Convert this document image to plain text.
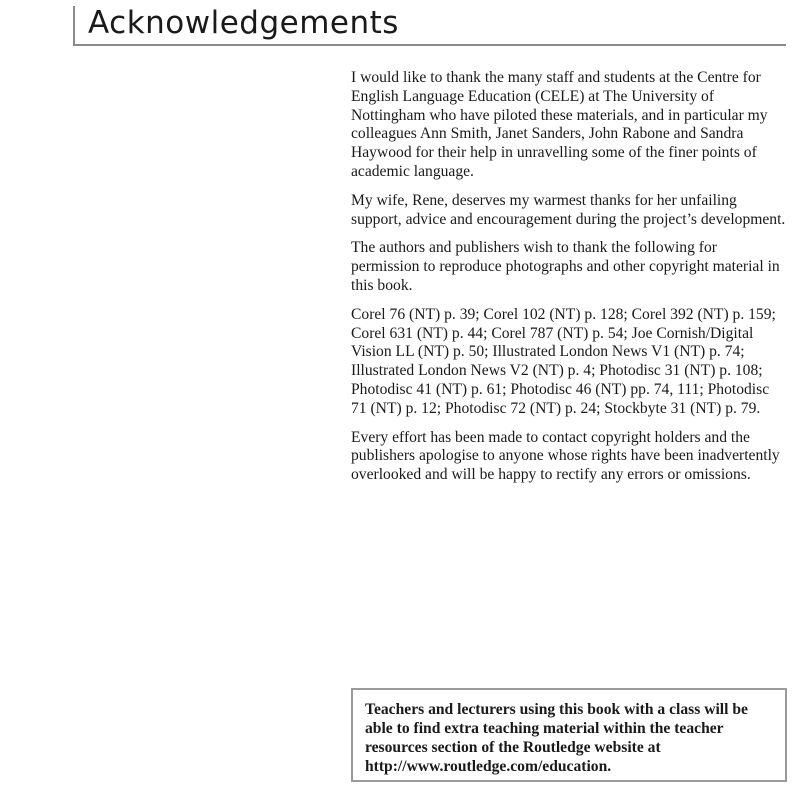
Acknowledgements

I would like to thank the many staff and students at the Centre for English Language Education (CELE) at The University of Nottingham who have piloted these materials, and in particular my colleagues Ann Smith, Janet Sanders, John Rabone and Sandra Haywood for their help in unravelling some of the finer points of academic language.

My wife, Rene, deserves my warmest thanks for her unfailing support, advice and encouragement during the project’s development.

The authors and publishers wish to thank the following for permission to reproduce photographs and other copyright material in this book.

Corel 76 (NT) p. 39; Corel 102 (NT) p. 128; Corel 392 (NT) p. 159; Corel 631 (NT) p. 44; Corel 787 (NT) p. 54; Joe Cornish/Digital Vision LL (NT) p. 50; Illustrated London News V1 (NT) p. 74; Illustrated London News V2 (NT) p. 4; Photodisc 31 (NT) p. 108; Photodisc 41 (NT) p. 61; Photodisc 46 (NT) pp. 74, 111; Photodisc 71 (NT) p. 12; Photodisc 72 (NT) p. 24; Stockbyte 31 (NT) p. 79.

Every effort has been made to contact copyright holders and the publishers apologise to anyone whose rights have been inadvertently overlooked and will be happy to rectify any errors or omissions.

Teachers and lecturers using this book with a class will be able to find extra teaching material within the teacher resources section of the Routledge website at http://www.routledge.com/education.
